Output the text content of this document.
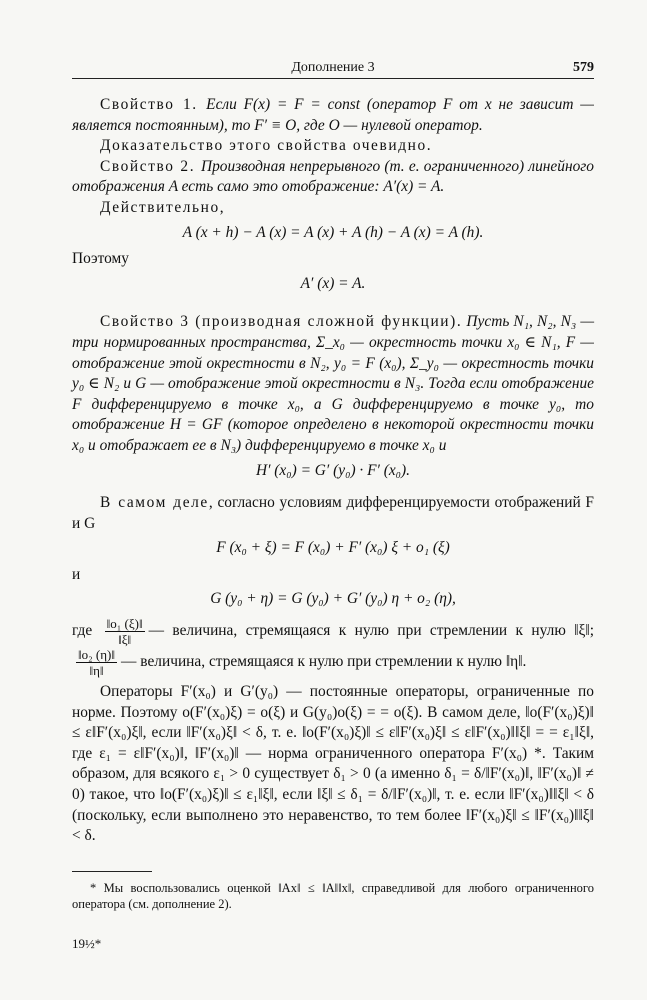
Дополнение 3	579

Свойство 1. Если F(x) = F = const (оператор F от x не зависит — является постоянным), то F′ ≡ O, где O — нулевой оператор.

Доказательство этого свойства очевидно.

Свойство 2. Производная непрерывного (т. е. ограниченного) линейного отображения A есть само это отображение: A′(x) = A.

Действительно,

A (x + h) − A (x) = A (x) + A (h) − A (x) = A (h).

Поэтому

A′ (x) = A.

Свойство 3 (производная сложной функции). Пусть N₁, N₂, N₃ — три нормированных пространства, Σ_x₀ — окрестность точки x₀ ∈ N₁, F — отображение этой окрестности в N₂, y₀ = F (x₀), Σ_y₀ — окрестность точки y₀ ∈ N₂ и G — отображение этой окрестности в N₃. Тогда если отображение F дифференцируемо в точке x₀, а G дифференцируемо в точке y₀, то отображение H = GF (которое определено в некоторой окрестности точки x₀ и отображает ее в N₃) дифференцируемо в точке x₀ и

H′ (x₀) = G′ (y₀) · F′ (x₀).

В самом деле, согласно условиям дифференцируемости отображений F и G

F (x₀ + ξ) = F (x₀) + F′ (x₀) ξ + o₁ (ξ)

и

G (y₀ + η) = G (y₀) + G′ (y₀) η + o₂ (η),

где $\frac{\text{‖o₁ (ξ)‖}}{‖\xi‖}$ — величина, стремящаяся к нулю при стремлении к нулю ‖ξ‖;
$\frac{\text{‖o₂ (η)‖}}{‖\eta‖}$ — величина, стремящаяся к нулю при стремлении к нулю ‖η‖.

Операторы F′(x₀) и G′(y₀) — постоянные операторы, ограниченные по норме. Поэтому o(F′(x₀)ξ) = o(ξ) и G(y₀)o(ξ) = = o(ξ). В самом деле, ‖o(F′(x₀)ξ)‖ ≤ ε‖F′(x₀)ξ‖, если ‖F′(x₀)ξ‖ < δ, т. е. ‖o(F′(x₀)ξ)‖ ≤ ε‖F′(x₀)ξ‖ ≤ ε‖F′(x₀)‖‖ξ‖ = = ε₁‖ξ‖, где ε₁ = ε‖F′(x₀)‖, ‖F′(x₀)‖ — норма ограниченного оператора F′(x₀) *. Таким образом, для всякого ε₁ > 0 существует δ₁ > 0 (а именно δ₁ = δ/‖F′(x₀)‖, ‖F′(x₀)‖ ≠ 0) такое, что ‖o(F′(x₀)ξ)‖ ≤ ε₁‖ξ‖, если ‖ξ‖ ≤ δ₁ = δ/‖F′(x₀)‖, т. е. если ‖F′(x₀)‖‖ξ‖ < δ (поскольку, если выполнено это неравенство, то тем более ‖F′(x₀)ξ‖ ≤ ‖F′(x₀)‖‖ξ‖ < δ.

* Мы воспользовались оценкой ‖Ax‖ ≤ ‖A‖‖x‖, справедливой для любого ограниченного оператора (см. дополнение 2).

19½*
